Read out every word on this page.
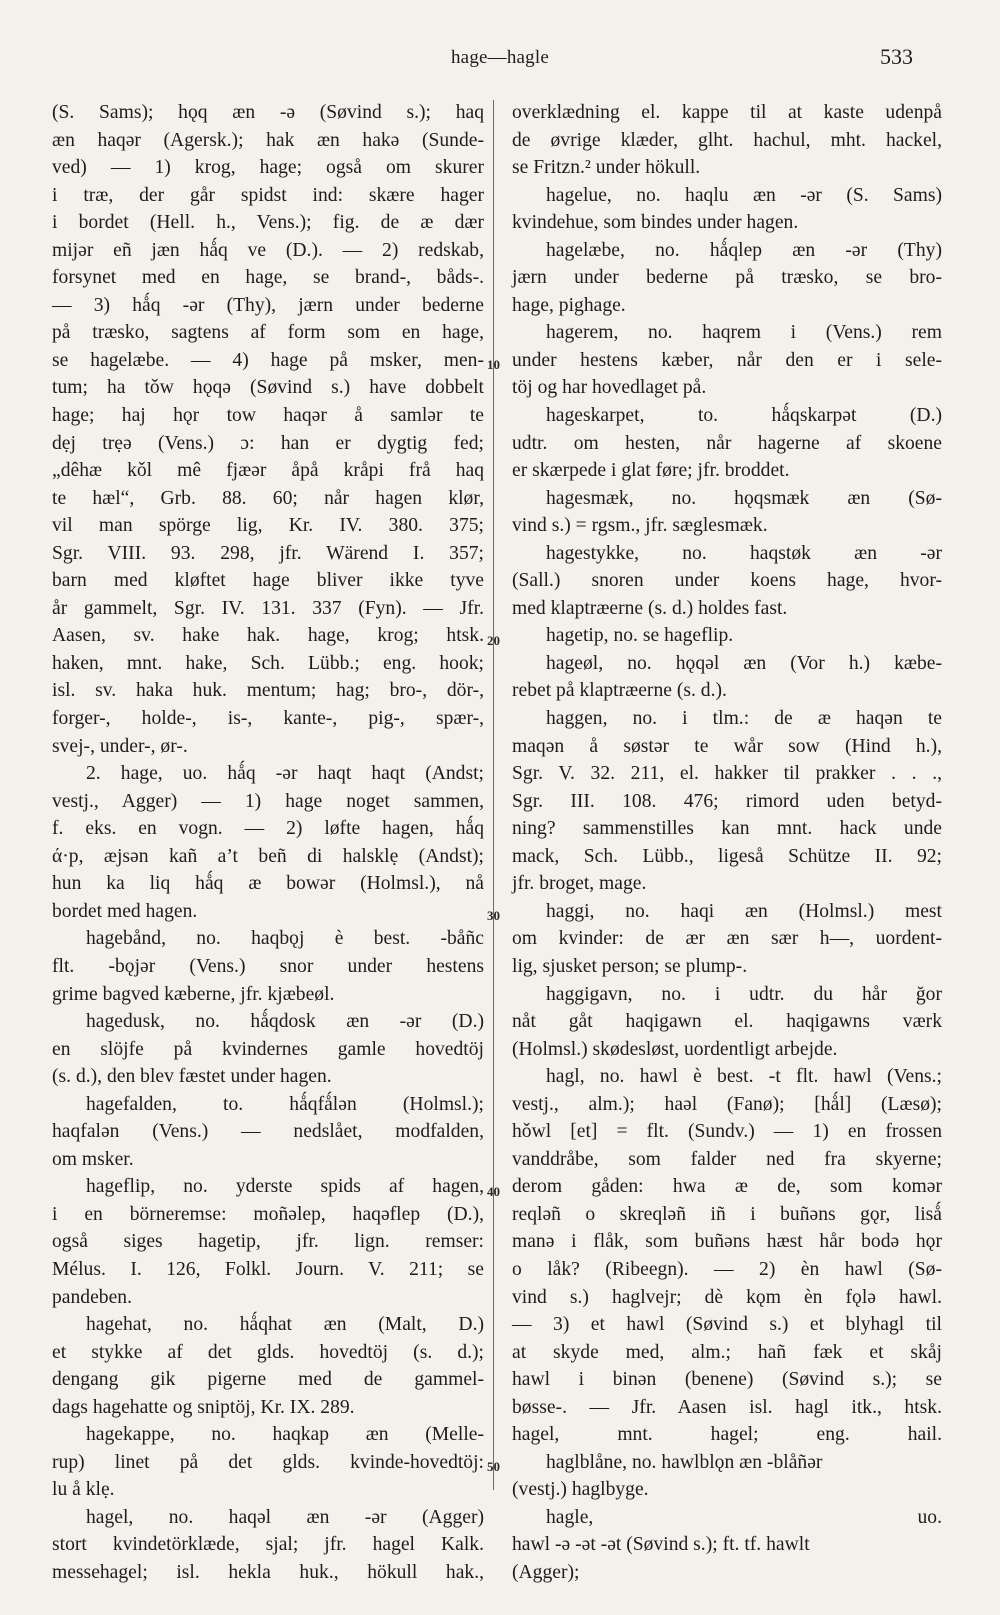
hage—hagle	533
(S. Sams); hǫq æn -ə (Søvind s.); haq
æn haqər (Agersk.); hak æn hakə (Sunde-
ved) — 1) krog, hage; også om skurer
i træ, der går spidst ind: skære hager
i bordet (Hell. h., Vens.); fig. de æ dær
mijər eñ jæn hǻq ve (D.). — 2) redskab,
forsynet med en hage, se brand-, båds-.
— 3) hǻq -ər (Thy), jærn under bederne
på træsko, sagtens af form som en hage,
se hagelæbe. — 4) hage på msker, men-
tum; ha tǒw hǫqə (Søvind s.) have dobbelt
hage; haj hǫr tow haqər å samlər te
dẹj trẹə (Vens.) ɔ: han er dygtig fed;
„dêhæ kǒl mê fjæər åpå kråpi frå haq
te hæl“, Grb. 88. 60; når hagen klør,
vil man spörge lig, Kr. IV. 380. 375;
Sgr. VIII. 93. 298, jfr. Wärend I. 357;
barn med kløftet hage bliver ikke tyve
år gammelt, Sgr. IV. 131. 337 (Fyn). — Jfr.
Aasen, sv. hake hak. hage, krog; htsk.
haken, mnt. hake, Sch. Lübb.; eng. hook;
isl. sv. haka huk. mentum; hag; bro-, dör-,
forger-, holde-, is-, kante-, pig-, spær-,
svej-, under-, ør-.
2. hage, uo. hǻq -ər haqt haqt (Andst;
vestj., Agger) — 1) hage noget sammen,
f. eks. en vogn. — 2) løfte hagen, hǻq
ά·p, æjsən kañ a’t beñ di halsklẹ (Andst);
hun ka liq hǻq æ bowər (Holmsl.), nå
bordet med hagen.
hagebånd, no. haqbǫj è best. -båñc
flt. -bǫjər (Vens.) snor under hestens
grime bagved kæberne, jfr. kjæbeøl.
hagedusk, no. hǻqdosk æn -ər (D.)
en slöjfe på kvindernes gamle hovedtöj
(s. d.), den blev fæstet under hagen.
hagefalden, to. hǻqfǻlən (Holmsl.);
haqfalən (Vens.) — nedslået, modfalden,
om msker.
hageflip, no. yderste spids af hagen,
i en börneremse: moñəlep, haqəflep (D.),
også siges hagetip, jfr. lign. remser:
Mélus. I. 126, Folkl. Journ. V. 211; se
pandeben.
hagehat, no. hǻqhat æn (Malt, D.)
et stykke af det glds. hovedtöj (s. d.);
dengang gik pigerne med de gammel-
dags hagehatte og sniptöj, Kr. IX. 289.
hagekappe, no. haqkap æn (Melle-
rup) linet på det glds. kvinde-hovedtöj:
lu å klẹ.
hagel, no. haqəl æn -ər (Agger)
stort kvindetörklæde, sjal; jfr. hagel Kalk.
messehagel; isl. hekla huk., hökull hak.,
overklædning el. kappe til at kaste udenpå
de øvrige klæder, glht. hachul, mht. hackel,
se Fritzn.² under hökull.
hagelue, no. haqlu æn -ər (S. Sams)
kvindehue, som bindes under hagen.
hagelæbe, no. hǻqlep æn -ər (Thy)
jærn under bederne på træsko, se bro-
hage, pighage.
hagerem, no. haqrem i (Vens.) rem
under hestens kæber, når den er i sele-
töj og har hovedlaget på.
hageskarpet, to. hǻqskarpət (D.)
udtr. om hesten, når hagerne af skoene
er skærpede i glat føre; jfr. broddet.
hagesmæk, no. hǫqsmæk æn (Sø-
vind s.) = rgsm., jfr. sæglesmæk.
hagestykke, no. haqstøk æn -ər
(Sall.) snoren under koens hage, hvor-
med klaptræerne (s. d.) holdes fast.
hagetip, no. se hageflip.
hageøl, no. hǫqəl æn (Vor h.) kæbe-
rebet på klaptræerne (s. d.).
haggen, no. i tlm.: de æ haqən te
maqən å søstər te wår sow (Hind h.),
Sgr. V. 32. 211, el. hakker til prakker . . .,
Sgr. III. 108. 476; rimord uden betyd-
ning? sammenstilles kan mnt. hack unde
mack, Sch. Lübb., ligeså Schütze II. 92;
jfr. broget, mage.
haggi, no. haqi æn (Holmsl.) mest
om kvinder: de ær æn sær h—, uordent-
lig, sjusket person; se plump-.
haggigavn, no. i udtr. du hår ğor
nåt gåt haqigawn el. haqigawns værk
(Holmsl.) skødesløst, uordentligt arbejde.
hagl, no. hawl è best. -t flt. hawl (Vens.;
vestj., alm.); haəl (Fanø); [hǻl] (Læsø);
hǒwl [et] = flt. (Sundv.) — 1) en frossen
vanddråbe, som falder ned fra skyerne;
derom gåden: hwa æ de, som komər
reqləñ o skreqləñ iñ i buñəns gǫr, lisǻ
manə i flåk, som buñəns hæst hår bodə hǫr
o låk? (Ribeegn). — 2) èn hawl (Sø-
vind s.) haglvejr; dè kǫm èn fǫlə hawl.
— 3) et hawl (Søvind s.) et blyhagl til
at skyde med, alm.; hañ fæk et skåj
hawl i binən (benene) (Søvind s.); se
bøsse-. — Jfr. Aasen isl. hagl itk., htsk.
hagel, mnt. hagel; eng. hail.
haglblåne, no. hawlblǫn æn -blåñər
(vestj.) haglbyge.
hagle, uo.
hawl -ə -ət -ət (Søvind s.); ft. tf. hawlt
(Agger);
10
20
30
40
50
